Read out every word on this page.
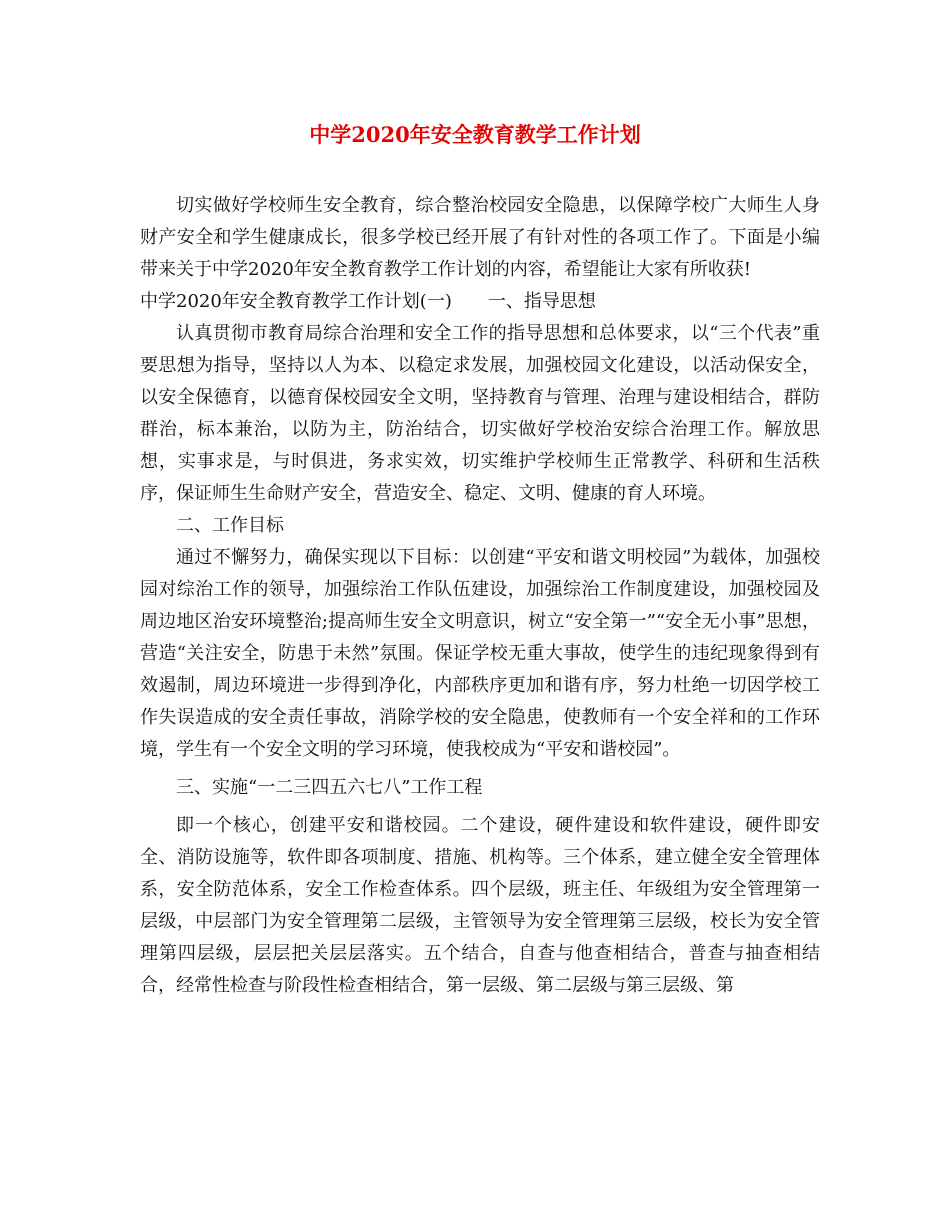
中学2020年安全教育教学工作计划

切实做好学校师生安全教育，综合整治校园安全隐患，以保障学校广大师生人身财产安全和学生健康成长，很多学校已经开展了有针对性的各项工作了。下面是小编带来关于中学2020年安全教育教学工作计划的内容，希望能让大家有所收获!

中学2020年安全教育教学工作计划(一)　　一、指导思想

认真贯彻市教育局综合治理和安全工作的指导思想和总体要求，以“三个代表”重要思想为指导，坚持以人为本、以稳定求发展，加强校园文化建设，以活动保安全，以安全保德育，以德育保校园安全文明，坚持教育与管理、治理与建设相结合，群防群治，标本兼治，以防为主，防治结合，切实做好学校治安综合治理工作。解放思想，实事求是，与时俱进，务求实效，切实维护学校师生正常教学、科研和生活秩序，保证师生生命财产安全，营造安全、稳定、文明、健康的育人环境。

二、工作目标

通过不懈努力，确保实现以下目标：以创建“平安和谐文明校园”为载体，加强校园对综治工作的领导，加强综治工作队伍建设，加强综治工作制度建设，加强校园及周边地区治安环境整治;提高师生安全文明意识，树立“安全第一”“安全无小事”思想，营造“关注安全，防患于未然”氛围。保证学校无重大事故，使学生的违纪现象得到有效遏制，周边环境进一步得到净化，内部秩序更加和谐有序，努力杜绝一切因学校工作失误造成的安全责任事故，消除学校的安全隐患，使教师有一个安全祥和的工作环境，学生有一个安全文明的学习环境，使我校成为“平安和谐校园”。

三、实施“一二三四五六七八”工作工程

即一个核心，创建平安和谐校园。二个建设，硬件建设和软件建设，硬件即安全、消防设施等，软件即各项制度、措施、机构等。三个体系，建立健全安全管理体系，安全防范体系，安全工作检查体系。四个层级，班主任、年级组为安全管理第一层级，中层部门为安全管理第二层级，主管领导为安全管理第三层级，校长为安全管理第四层级，层层把关层层落实。五个结合，自查与他查相结合，普查与抽查相结合，经常性检查与阶段性检查相结合，第一层级、第二层级与第三层级、第
